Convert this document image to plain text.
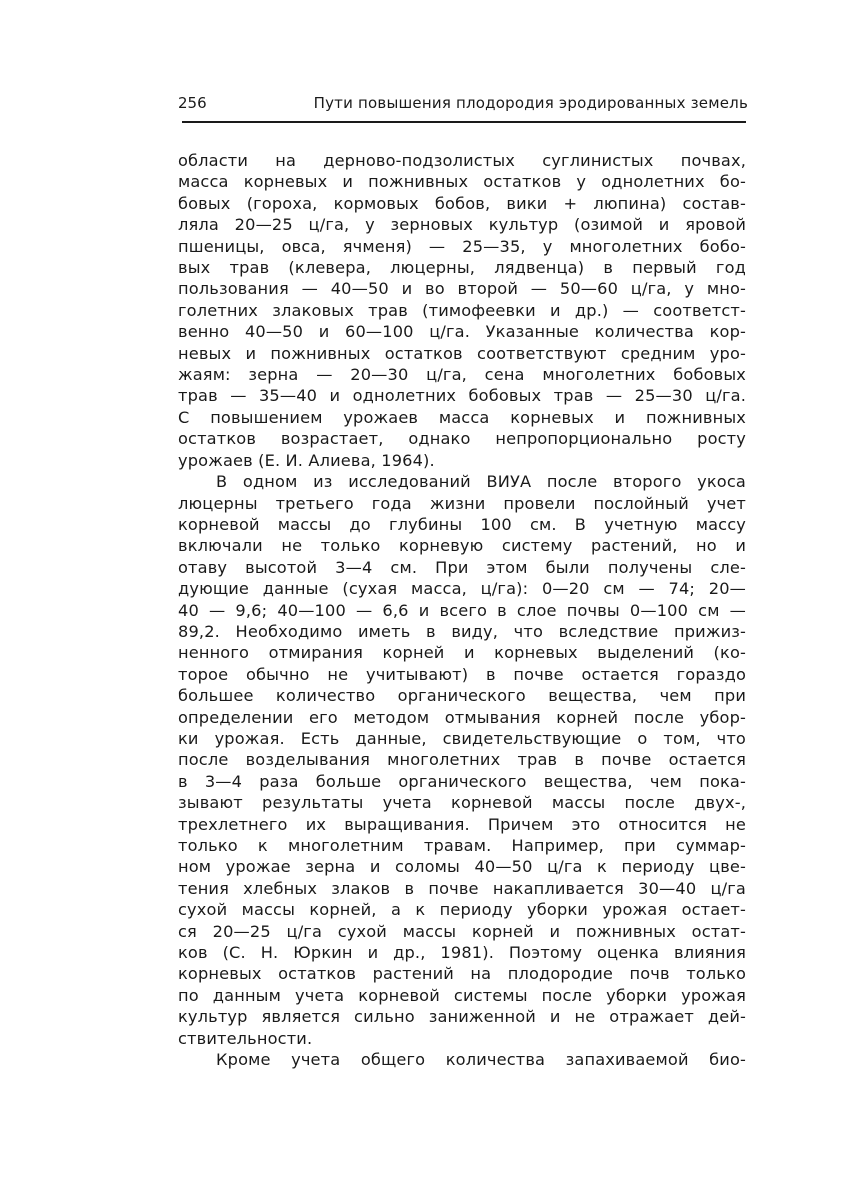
256	Пути повышения плодородия эродированных земель

области на дерново-подзолистых суглинистых почвах,
масса корневых и пожнивных остатков у однолетних бо-
бовых (гороха, кормовых бобов, вики + люпина) состав-
ляла 20—25 ц/га, у зерновых культур (озимой и яровой
пшеницы, овса, ячменя) — 25—35, у многолетних бобо-
вых трав (клевера, люцерны, лядвенца) в первый год
пользования — 40—50 и во второй — 50—60 ц/га, у мно-
голетних злаковых трав (тимофеевки и др.) — соответст-
венно 40—50 и 60—100 ц/га. Указанные количества кор-
невых и пожнивных остатков соответствуют средним уро-
жаям: зерна — 20—30 ц/га, сена многолетних бобовых
трав — 35—40 и однолетних бобовых трав — 25—30 ц/га.
С повышением урожаев масса корневых и пожнивных
остатков возрастает, однако непропорционально росту
урожаев (Е. И. Алиева, 1964).

В одном из исследований ВИУА после второго укоса
люцерны третьего года жизни провели послойный учет
корневой массы до глубины 100 см. В учетную массу
включали не только корневую систему растений, но и
отаву высотой 3—4 см. При этом были получены сле-
дующие данные (сухая масса, ц/га): 0—20 см — 74; 20—
40 — 9,6; 40—100 — 6,6 и всего в слое почвы 0—100 см —
89,2. Необходимо иметь в виду, что вследствие прижиз-
ненного отмирания корней и корневых выделений (ко-
торое обычно не учитывают) в почве остается гораздо
большее количество органического вещества, чем при
определении его методом отмывания корней после убор-
ки урожая. Есть данные, свидетельствующие о том, что
после возделывания многолетних трав в почве остается
в 3—4 раза больше органического вещества, чем пока-
зывают результаты учета корневой массы после двух-,
трехлетнего их выращивания. Причем это относится не
только к многолетним травам. Например, при суммар-
ном урожае зерна и соломы 40—50 ц/га к периоду цве-
тения хлебных злаков в почве накапливается 30—40 ц/га
сухой массы корней, а к периоду уборки урожая остает-
ся 20—25 ц/га сухой массы корней и пожнивных остат-
ков (С. Н. Юркин и др., 1981). Поэтому оценка влияния
корневых остатков растений на плодородие почв только
по данным учета корневой системы после уборки урожая
культур является сильно заниженной и не отражает дей-
ствительности.

Кроме учета общего количества запахиваемой био-
